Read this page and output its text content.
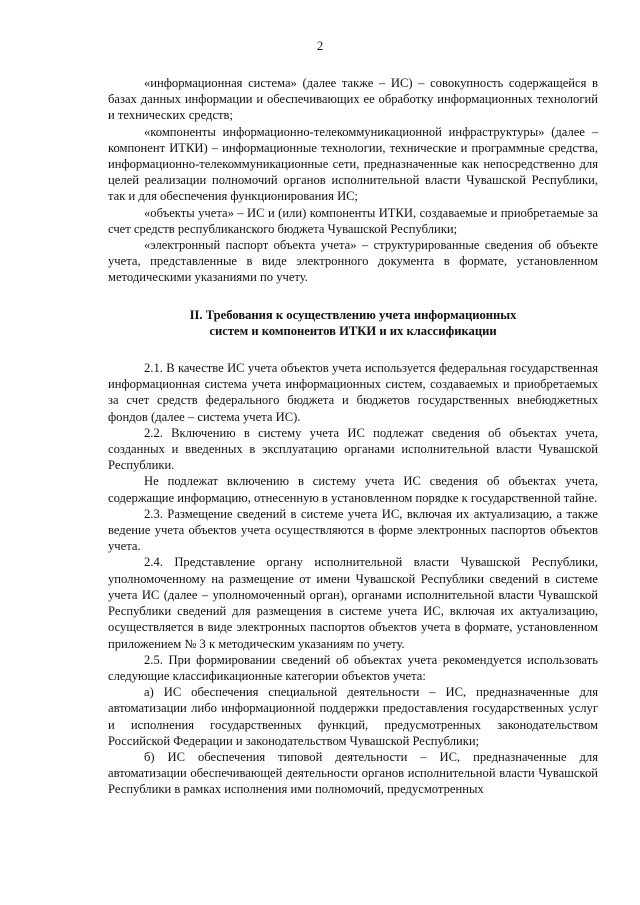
2

«информационная система» (далее также – ИС) – совокупность содержащейся в базах данных информации и обеспечивающих ее обработку информационных технологий и технических средств;

«компоненты информационно-телекоммуникационной инфраструктуры» (далее – компонент ИТКИ) – информационные технологии, технические и программные средства, информационно-телекоммуникационные сети, предназначенные как непосредственно для целей реализации полномочий органов исполнительной власти Чувашской Республики, так и для обеспечения функционирования ИС;

«объекты учета» – ИС и (или) компоненты ИТКИ, создаваемые и приобретаемые за счет средств республиканского бюджета Чувашской Республики;

«электронный паспорт объекта учета» – структурированные сведения об объекте учета, представленные в виде электронного документа в формате, установленном методическими указаниями по учету.

II. Требования к осуществлению учета информационных

систем и компонентов ИТКИ и их классификации

2.1. В качестве ИС учета объектов учета используется федеральная государственная информационная система учета информационных систем, создаваемых и приобретаемых за счет средств федерального бюджета и бюджетов государственных внебюджетных фондов (далее – система учета ИС).

2.2. Включению в систему учета ИС подлежат сведения об объектах учета, созданных и введенных в эксплуатацию органами исполнительной власти Чувашской Республики.

Не подлежат включению в систему учета ИС сведения об объектах учета, содержащие информацию, отнесенную в установленном порядке к государственной тайне.

2.3. Размещение сведений в системе учета ИС, включая их актуализацию, а также ведение учета объектов учета осуществляются в форме электронных паспортов объектов учета.

2.4. Представление органу исполнительной власти Чувашской Республики, уполномоченному на размещение от имени Чувашской Республики сведений в системе учета ИС (далее – уполномоченный орган), органами исполнительной власти Чувашской Республики сведений для размещения в системе учета ИС, включая их актуализацию, осуществляется в виде электронных паспортов объектов учета в формате, установленном приложением № 3 к методическим указаниям по учету.

2.5. При формировании сведений об объектах учета рекомендуется использовать следующие классификационные категории объектов учета:

а) ИС обеспечения специальной деятельности – ИС, предназначенные для автоматизации либо информационной поддержки предоставления государственных услуг и исполнения государственных функций, предусмотренных законодательством Российской Федерации и законодательством Чувашской Республики;

б) ИС обеспечения типовой деятельности – ИС, предназначенные для автоматизации обеспечивающей деятельности органов исполнительной власти Чувашской Республики в рамках исполнения ими полномочий, предусмотренных
